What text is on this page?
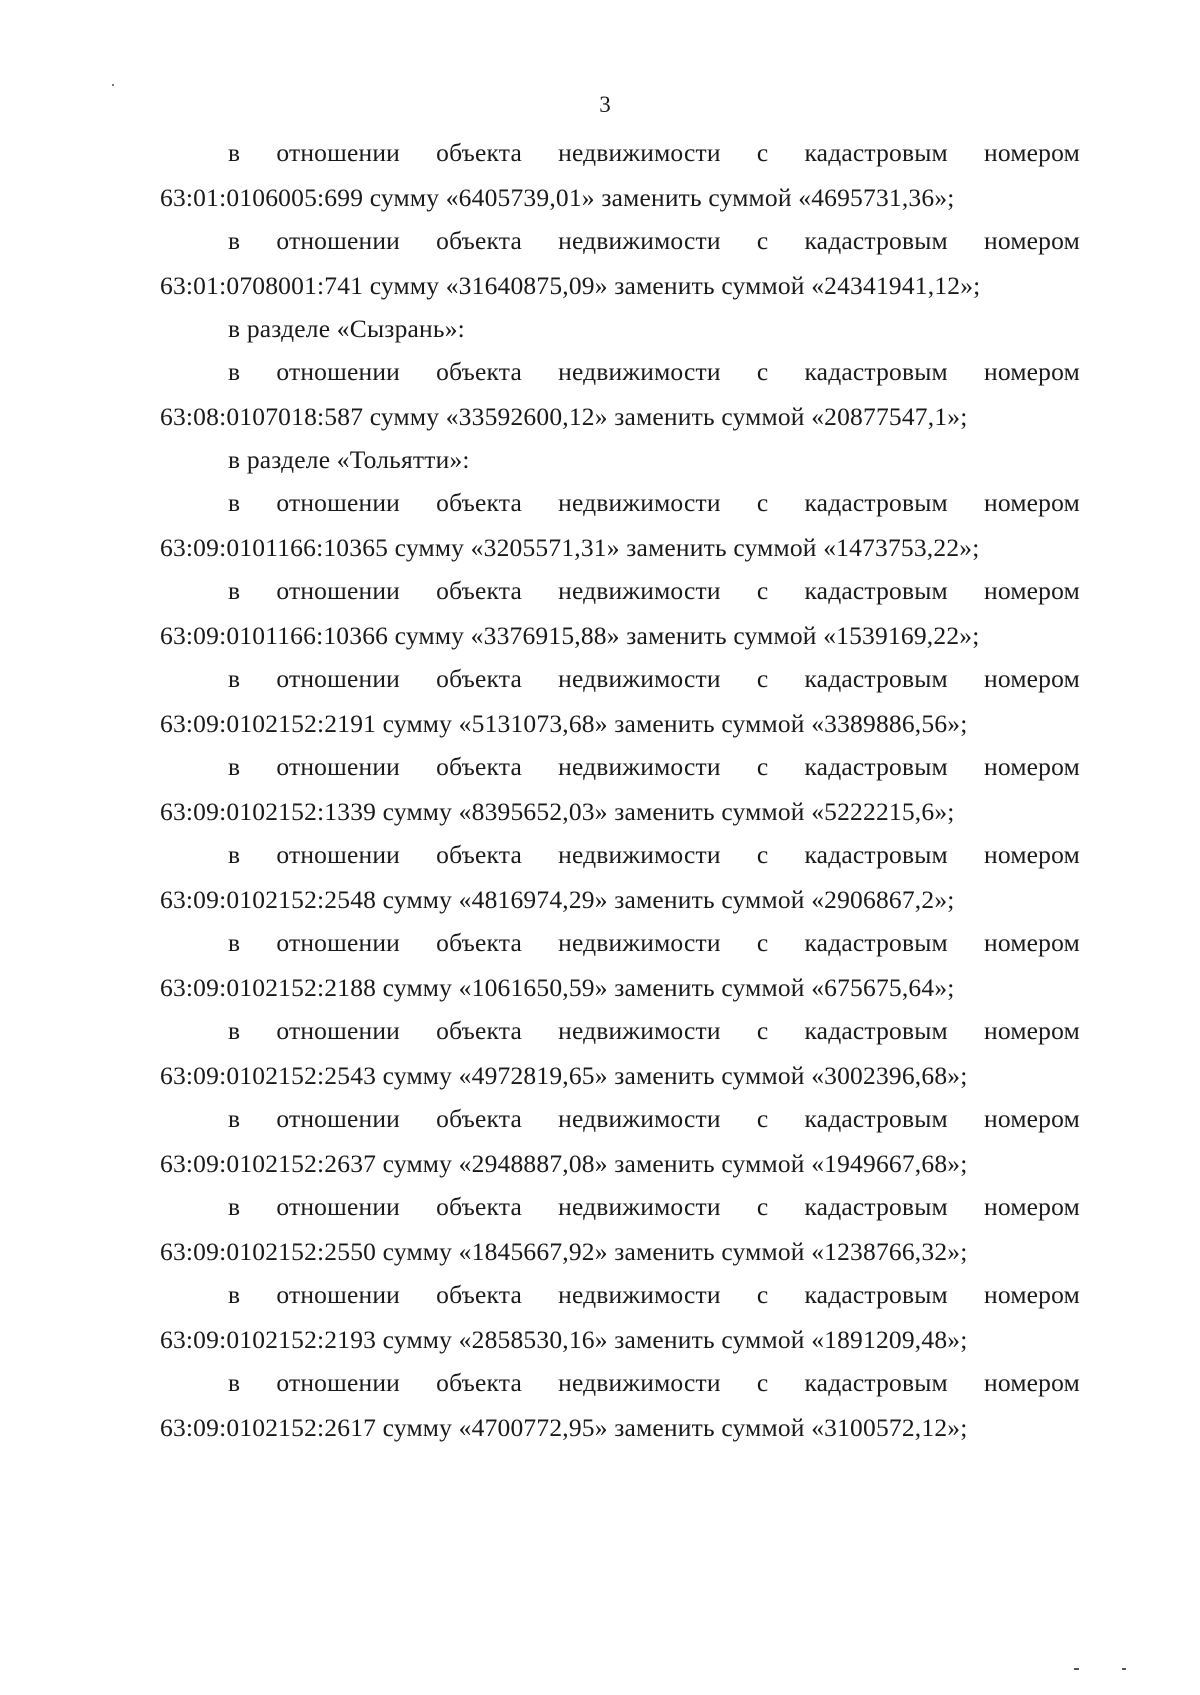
3
в отношении объекта недвижимости с кадастровым номером
63:01:0106005:699 сумму «6405739,01» заменить суммой «4695731,36»;
в отношении объекта недвижимости с кадастровым номером
63:01:0708001:741 сумму «31640875,09» заменить суммой «24341941,12»;
в разделе «Сызрань»:
в отношении объекта недвижимости с кадастровым номером
63:08:0107018:587 сумму «33592600,12» заменить суммой «20877547,1»;
в разделе «Тольятти»:
в отношении объекта недвижимости с кадастровым номером
63:09:0101166:10365 сумму «3205571,31» заменить суммой «1473753,22»;
в отношении объекта недвижимости с кадастровым номером
63:09:0101166:10366 сумму «3376915,88» заменить суммой «1539169,22»;
в отношении объекта недвижимости с кадастровым номером
63:09:0102152:2191 сумму «5131073,68» заменить суммой «3389886,56»;
в отношении объекта недвижимости с кадастровым номером
63:09:0102152:1339 сумму «8395652,03» заменить суммой «5222215,6»;
в отношении объекта недвижимости с кадастровым номером
63:09:0102152:2548 сумму «4816974,29» заменить суммой «2906867,2»;
в отношении объекта недвижимости с кадастровым номером
63:09:0102152:2188 сумму «1061650,59» заменить суммой «675675,64»;
в отношении объекта недвижимости с кадастровым номером
63:09:0102152:2543 сумму «4972819,65» заменить суммой «3002396,68»;
в отношении объекта недвижимости с кадастровым номером
63:09:0102152:2637 сумму «2948887,08» заменить суммой «1949667,68»;
в отношении объекта недвижимости с кадастровым номером
63:09:0102152:2550 сумму «1845667,92» заменить суммой «1238766,32»;
в отношении объекта недвижимости с кадастровым номером
63:09:0102152:2193 сумму «2858530,16» заменить суммой «1891209,48»;
в отношении объекта недвижимости с кадастровым номером
63:09:0102152:2617 сумму «4700772,95» заменить суммой «3100572,12»;
